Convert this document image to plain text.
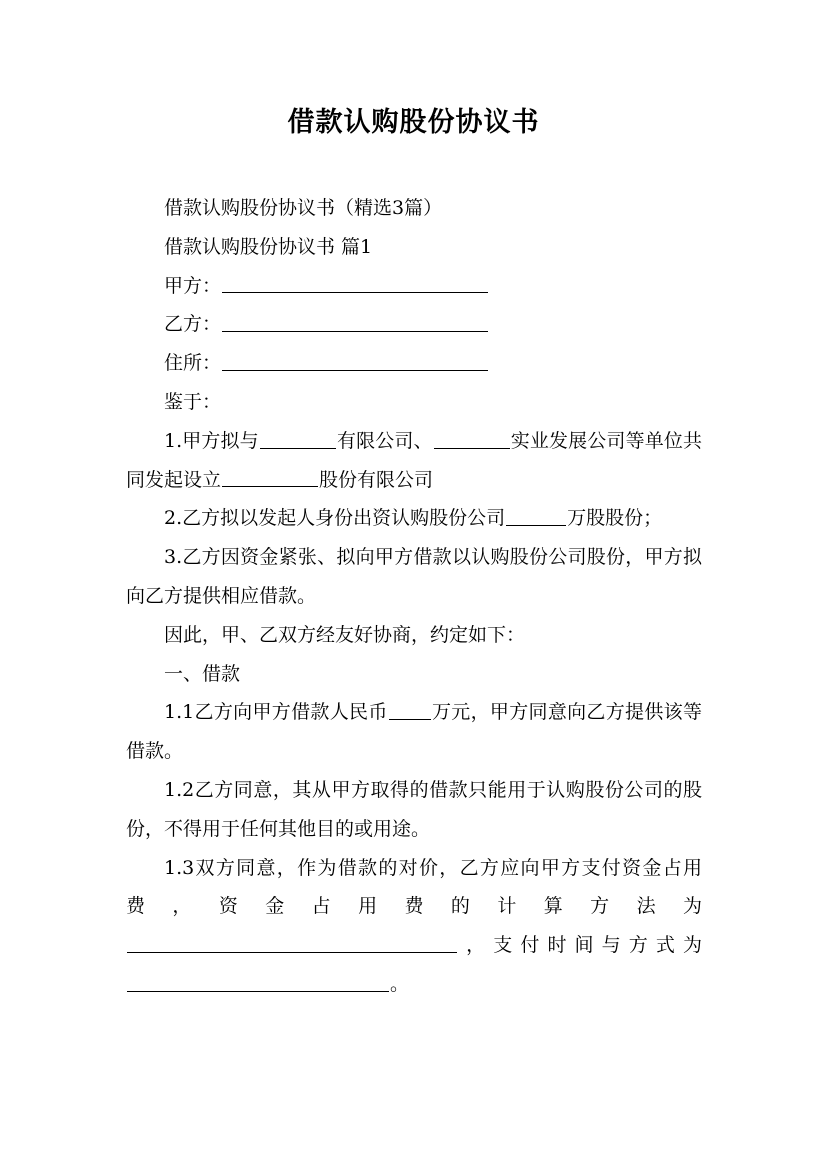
借款认购股份协议书

借款认购股份协议书（精选3篇）

借款认购股份协议书 篇1

甲方：

乙方：

住所：

鉴于：

1.甲方拟与	有限公司、	实业发展公司等单位共同发起设立	股份有限公司

2.乙方拟以发起人身份出资认购股份公司	万股股份；

3.乙方因资金紧张、拟向甲方借款以认购股份公司股份，甲方拟向乙方提供相应借款。

因此，甲、乙双方经友好协商，约定如下：

一、借款

1.1乙方向甲方借款人民币 万元，甲方同意向乙方提供该等借款。

1.2乙方同意，其从甲方取得的借款只能用于认购股份公司的股份，不得用于任何其他目的或用途。

1.3双方同意，作为借款的对价，乙方应向甲方支付资金占用费，资金占用费的计算方法为，支付时间与方式为。
